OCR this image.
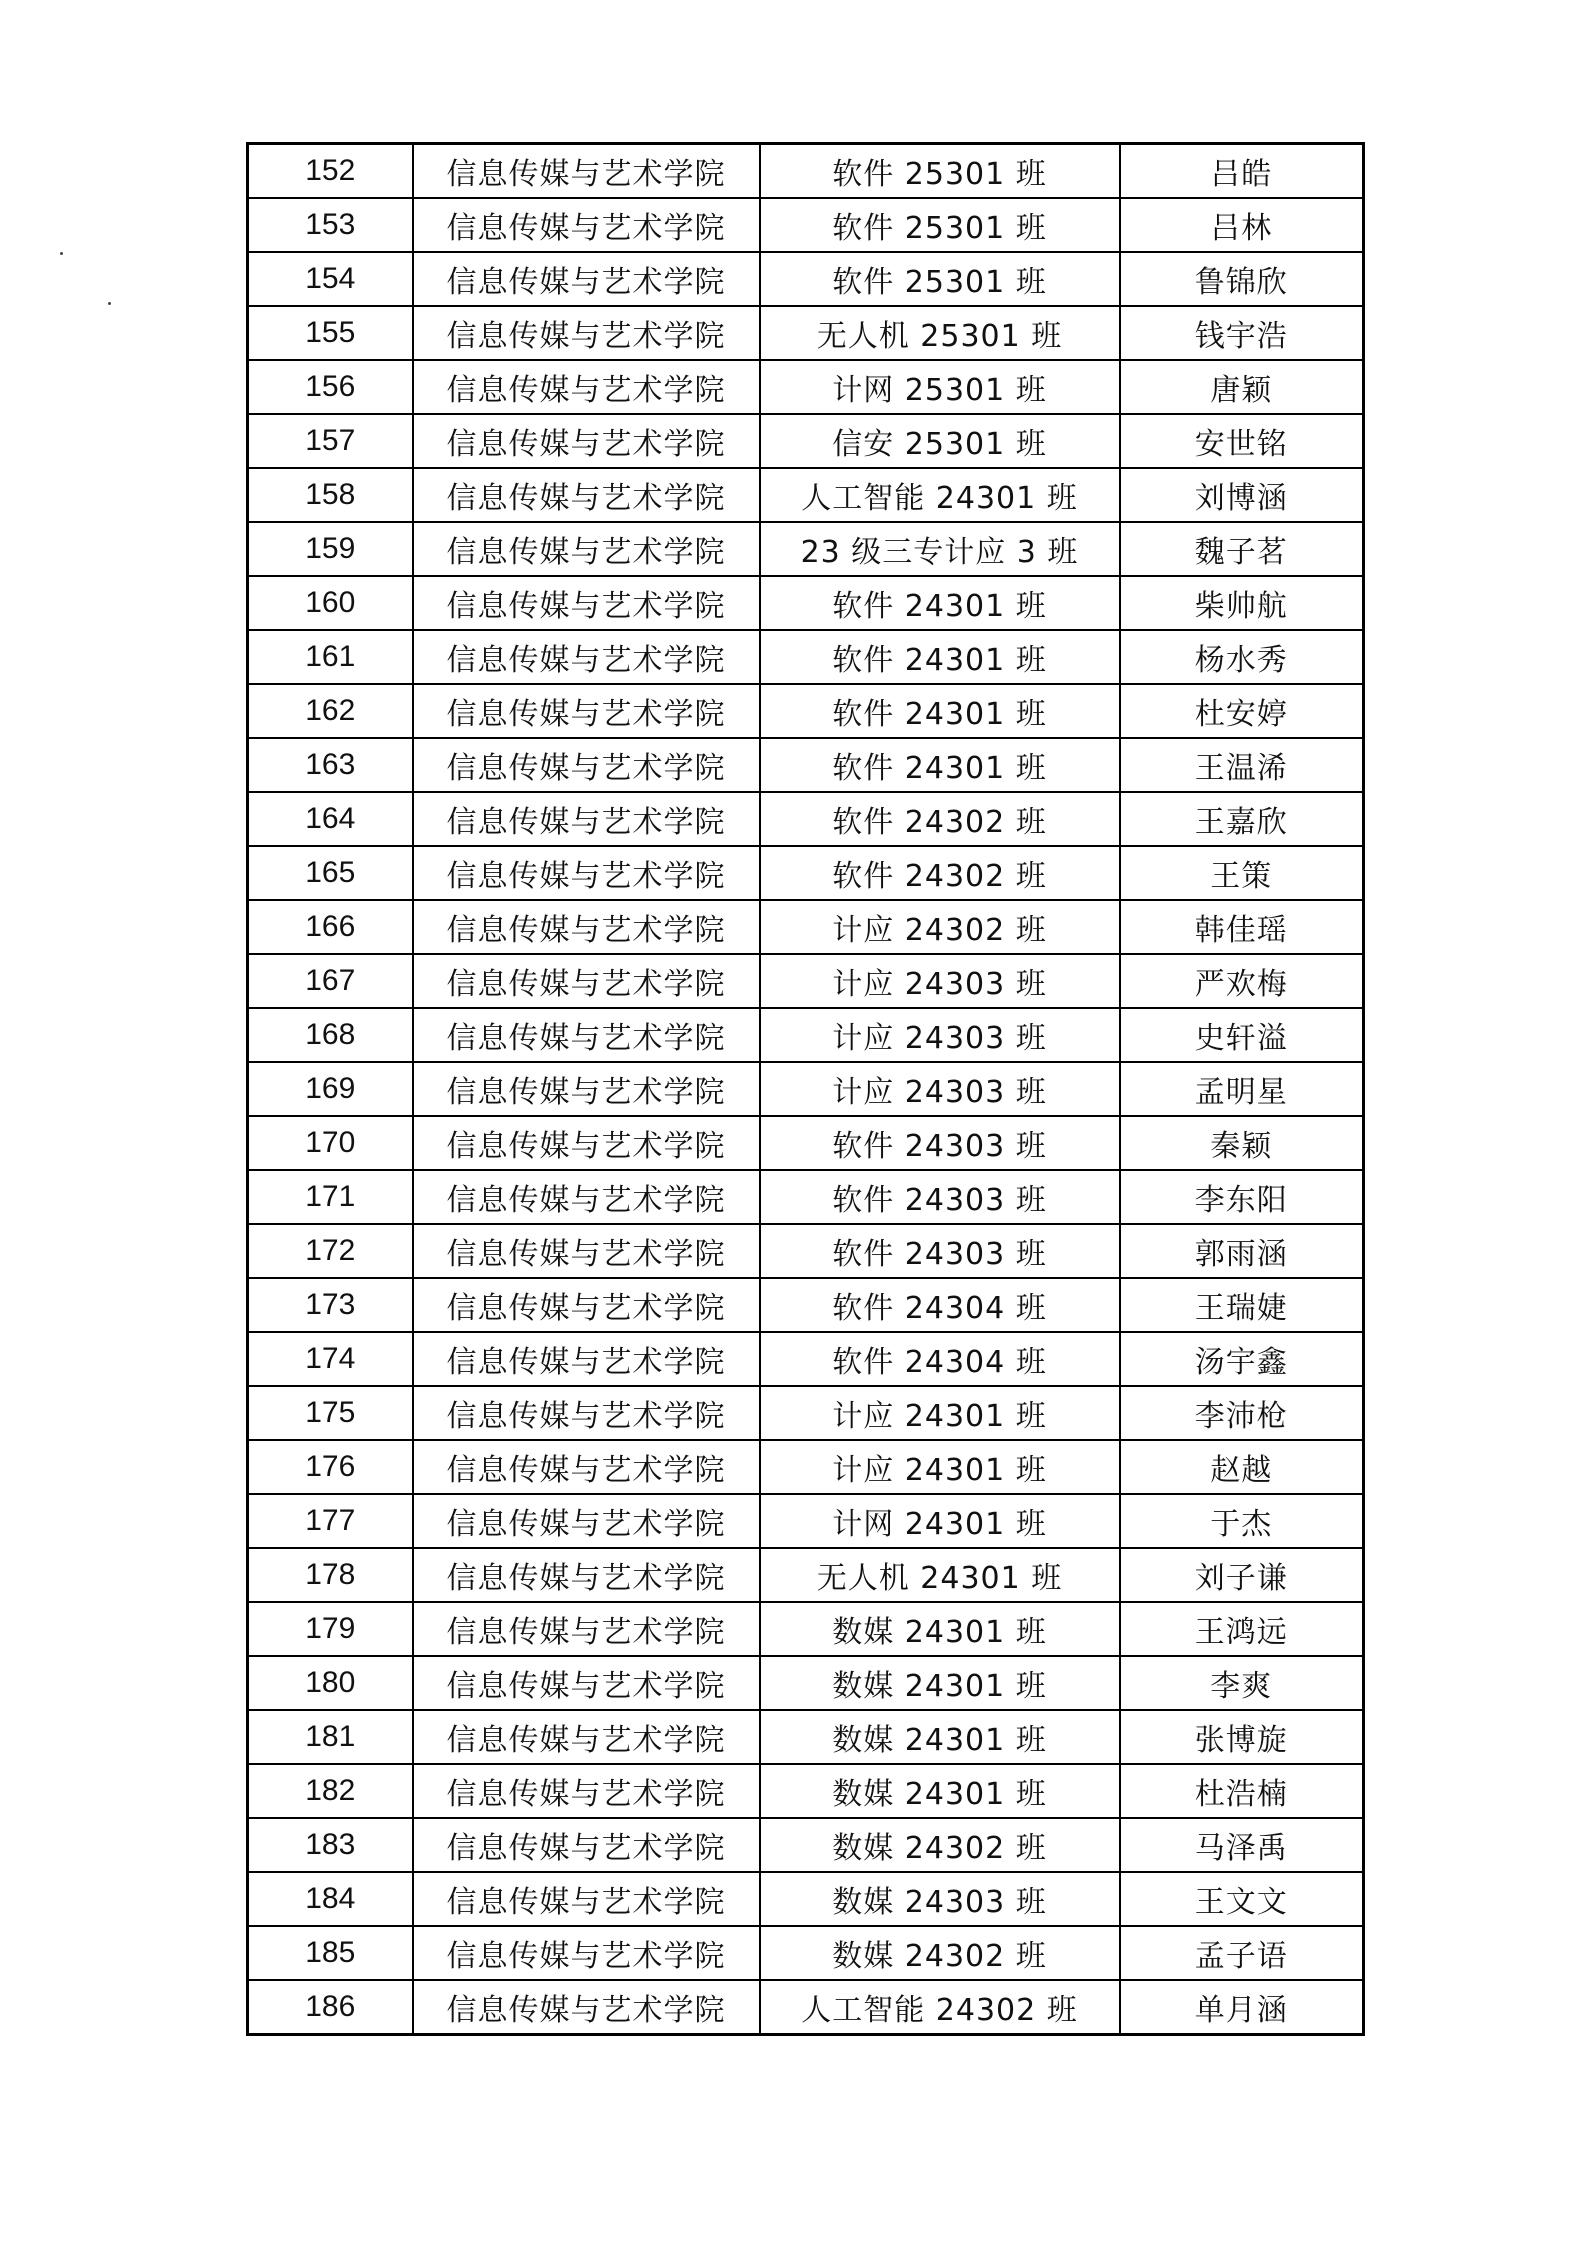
152	信息传媒与艺术学院	软件 25301 班	吕皓
153	信息传媒与艺术学院	软件 25301 班	吕林
154	信息传媒与艺术学院	软件 25301 班	鲁锦欣
155	信息传媒与艺术学院	无人机 25301 班	钱宇浩
156	信息传媒与艺术学院	计网 25301 班	唐颖
157	信息传媒与艺术学院	信安 25301 班	安世铭
158	信息传媒与艺术学院	人工智能 24301 班	刘博涵
159	信息传媒与艺术学院	23 级三专计应 3 班	魏子茗
160	信息传媒与艺术学院	软件 24301 班	柴帅航
161	信息传媒与艺术学院	软件 24301 班	杨水秀
162	信息传媒与艺术学院	软件 24301 班	杜安婷
163	信息传媒与艺术学院	软件 24301 班	王温浠
164	信息传媒与艺术学院	软件 24302 班	王嘉欣
165	信息传媒与艺术学院	软件 24302 班	王策
166	信息传媒与艺术学院	计应 24302 班	韩佳瑶
167	信息传媒与艺术学院	计应 24303 班	严欢梅
168	信息传媒与艺术学院	计应 24303 班	史轩溢
169	信息传媒与艺术学院	计应 24303 班	孟明星
170	信息传媒与艺术学院	软件 24303 班	秦颖
171	信息传媒与艺术学院	软件 24303 班	李东阳
172	信息传媒与艺术学院	软件 24303 班	郭雨涵
173	信息传媒与艺术学院	软件 24304 班	王瑞婕
174	信息传媒与艺术学院	软件 24304 班	汤宇鑫
175	信息传媒与艺术学院	计应 24301 班	李沛枪
176	信息传媒与艺术学院	计应 24301 班	赵越
177	信息传媒与艺术学院	计网 24301 班	于杰
178	信息传媒与艺术学院	无人机 24301 班	刘子谦
179	信息传媒与艺术学院	数媒 24301 班	王鸿远
180	信息传媒与艺术学院	数媒 24301 班	李爽
181	信息传媒与艺术学院	数媒 24301 班	张博旋
182	信息传媒与艺术学院	数媒 24301 班	杜浩楠
183	信息传媒与艺术学院	数媒 24302 班	马泽禹
184	信息传媒与艺术学院	数媒 24303 班	王文文
185	信息传媒与艺术学院	数媒 24302 班	孟子语
186	信息传媒与艺术学院	人工智能 24302 班	单月涵
